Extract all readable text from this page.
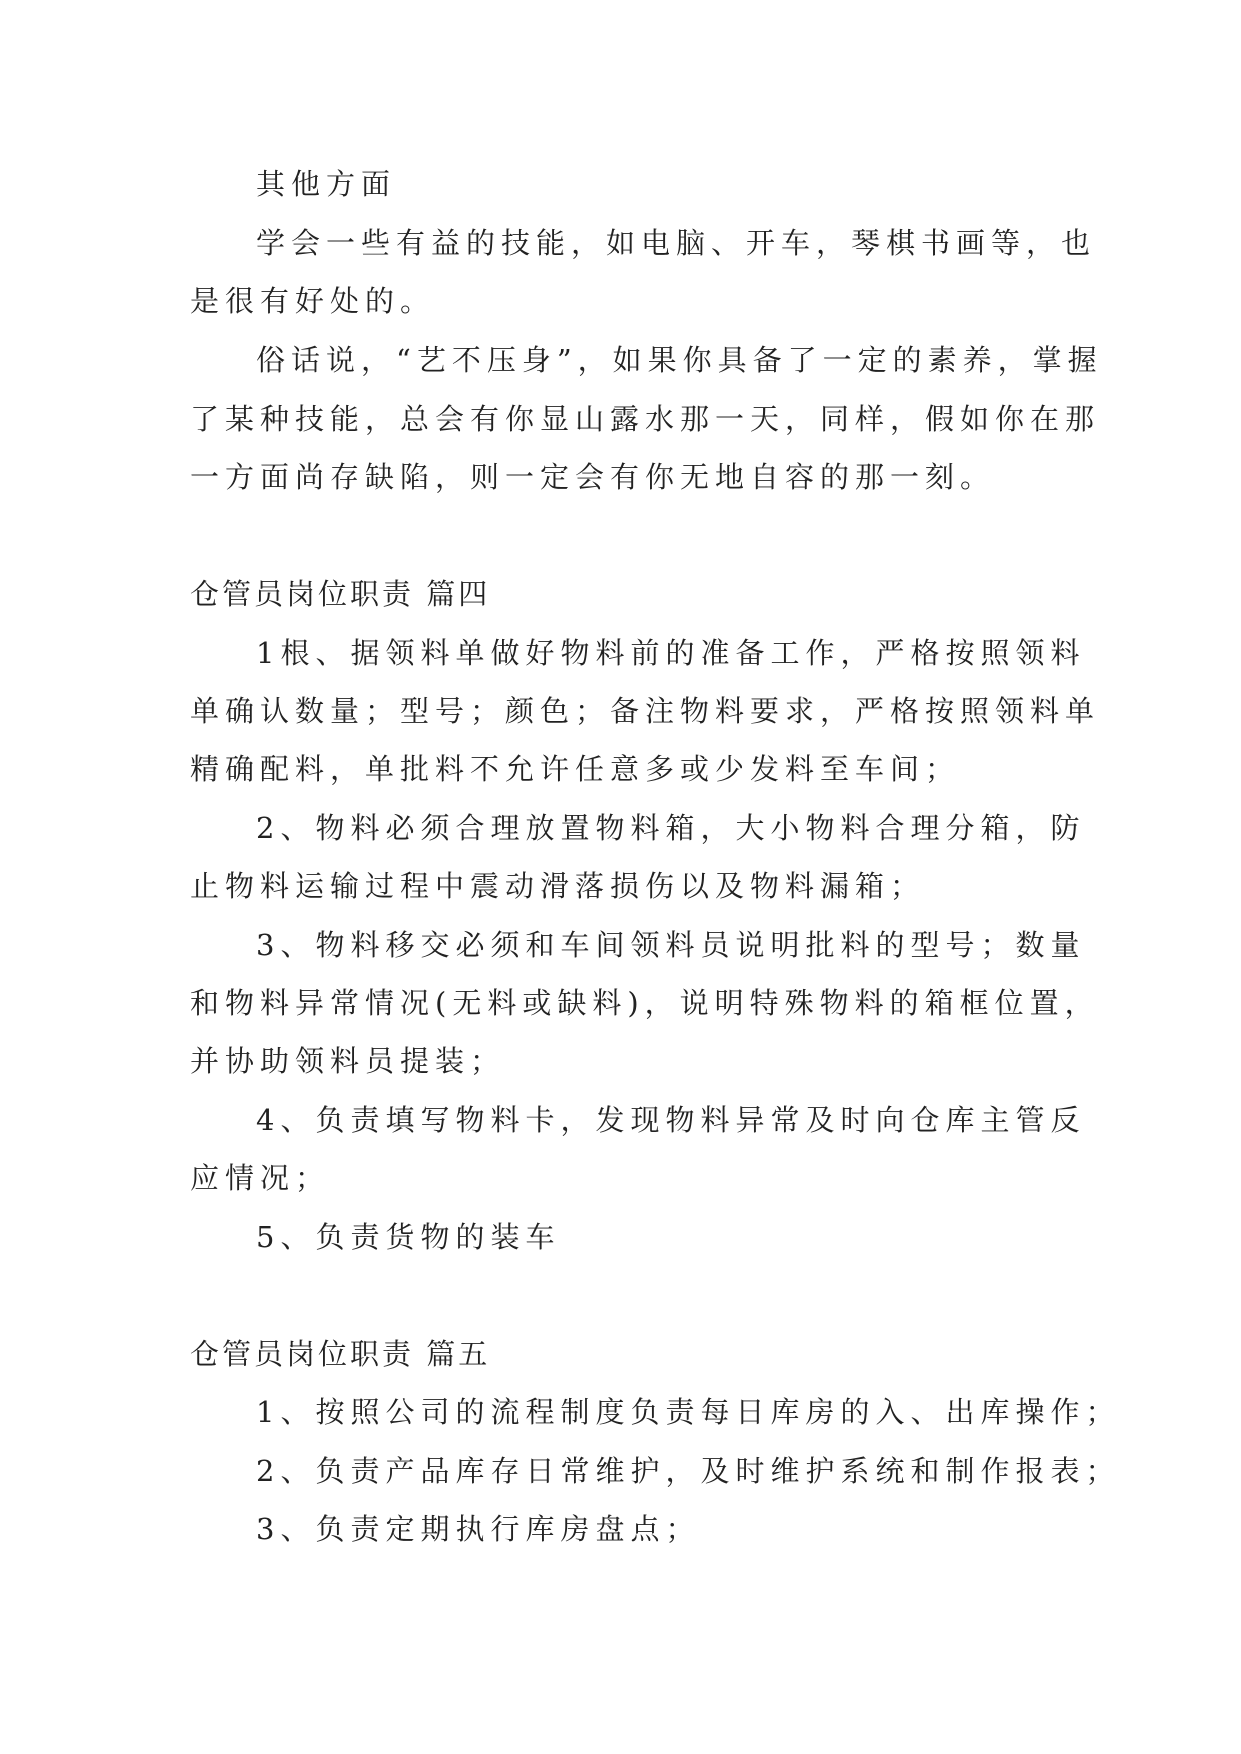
其他方面
学会一些有益的技能，如电脑、开车，琴棋书画等，也
是很有好处的。
俗话说，“艺不压身”，如果你具备了一定的素养，掌握
了某种技能，总会有你显山露水那一天，同样，假如你在那
一方面尚存缺陷，则一定会有你无地自容的那一刻。
仓管员岗位职责 篇四
1根、据领料单做好物料前的准备工作，严格按照领料
单确认数量；型号；颜色；备注物料要求，严格按照领料单
精确配料，单批料不允许任意多或少发料至车间；
2、物料必须合理放置物料箱，大小物料合理分箱，防
止物料运输过程中震动滑落损伤以及物料漏箱；
3、物料移交必须和车间领料员说明批料的型号；数量
和物料异常情况(无料或缺料)，说明特殊物料的箱框位置，
并协助领料员提装；
4、负责填写物料卡，发现物料异常及时向仓库主管反
应情况；
5、负责货物的装车
仓管员岗位职责 篇五
1、按照公司的流程制度负责每日库房的入、出库操作；
2、负责产品库存日常维护，及时维护系统和制作报表；
3、负责定期执行库房盘点；
